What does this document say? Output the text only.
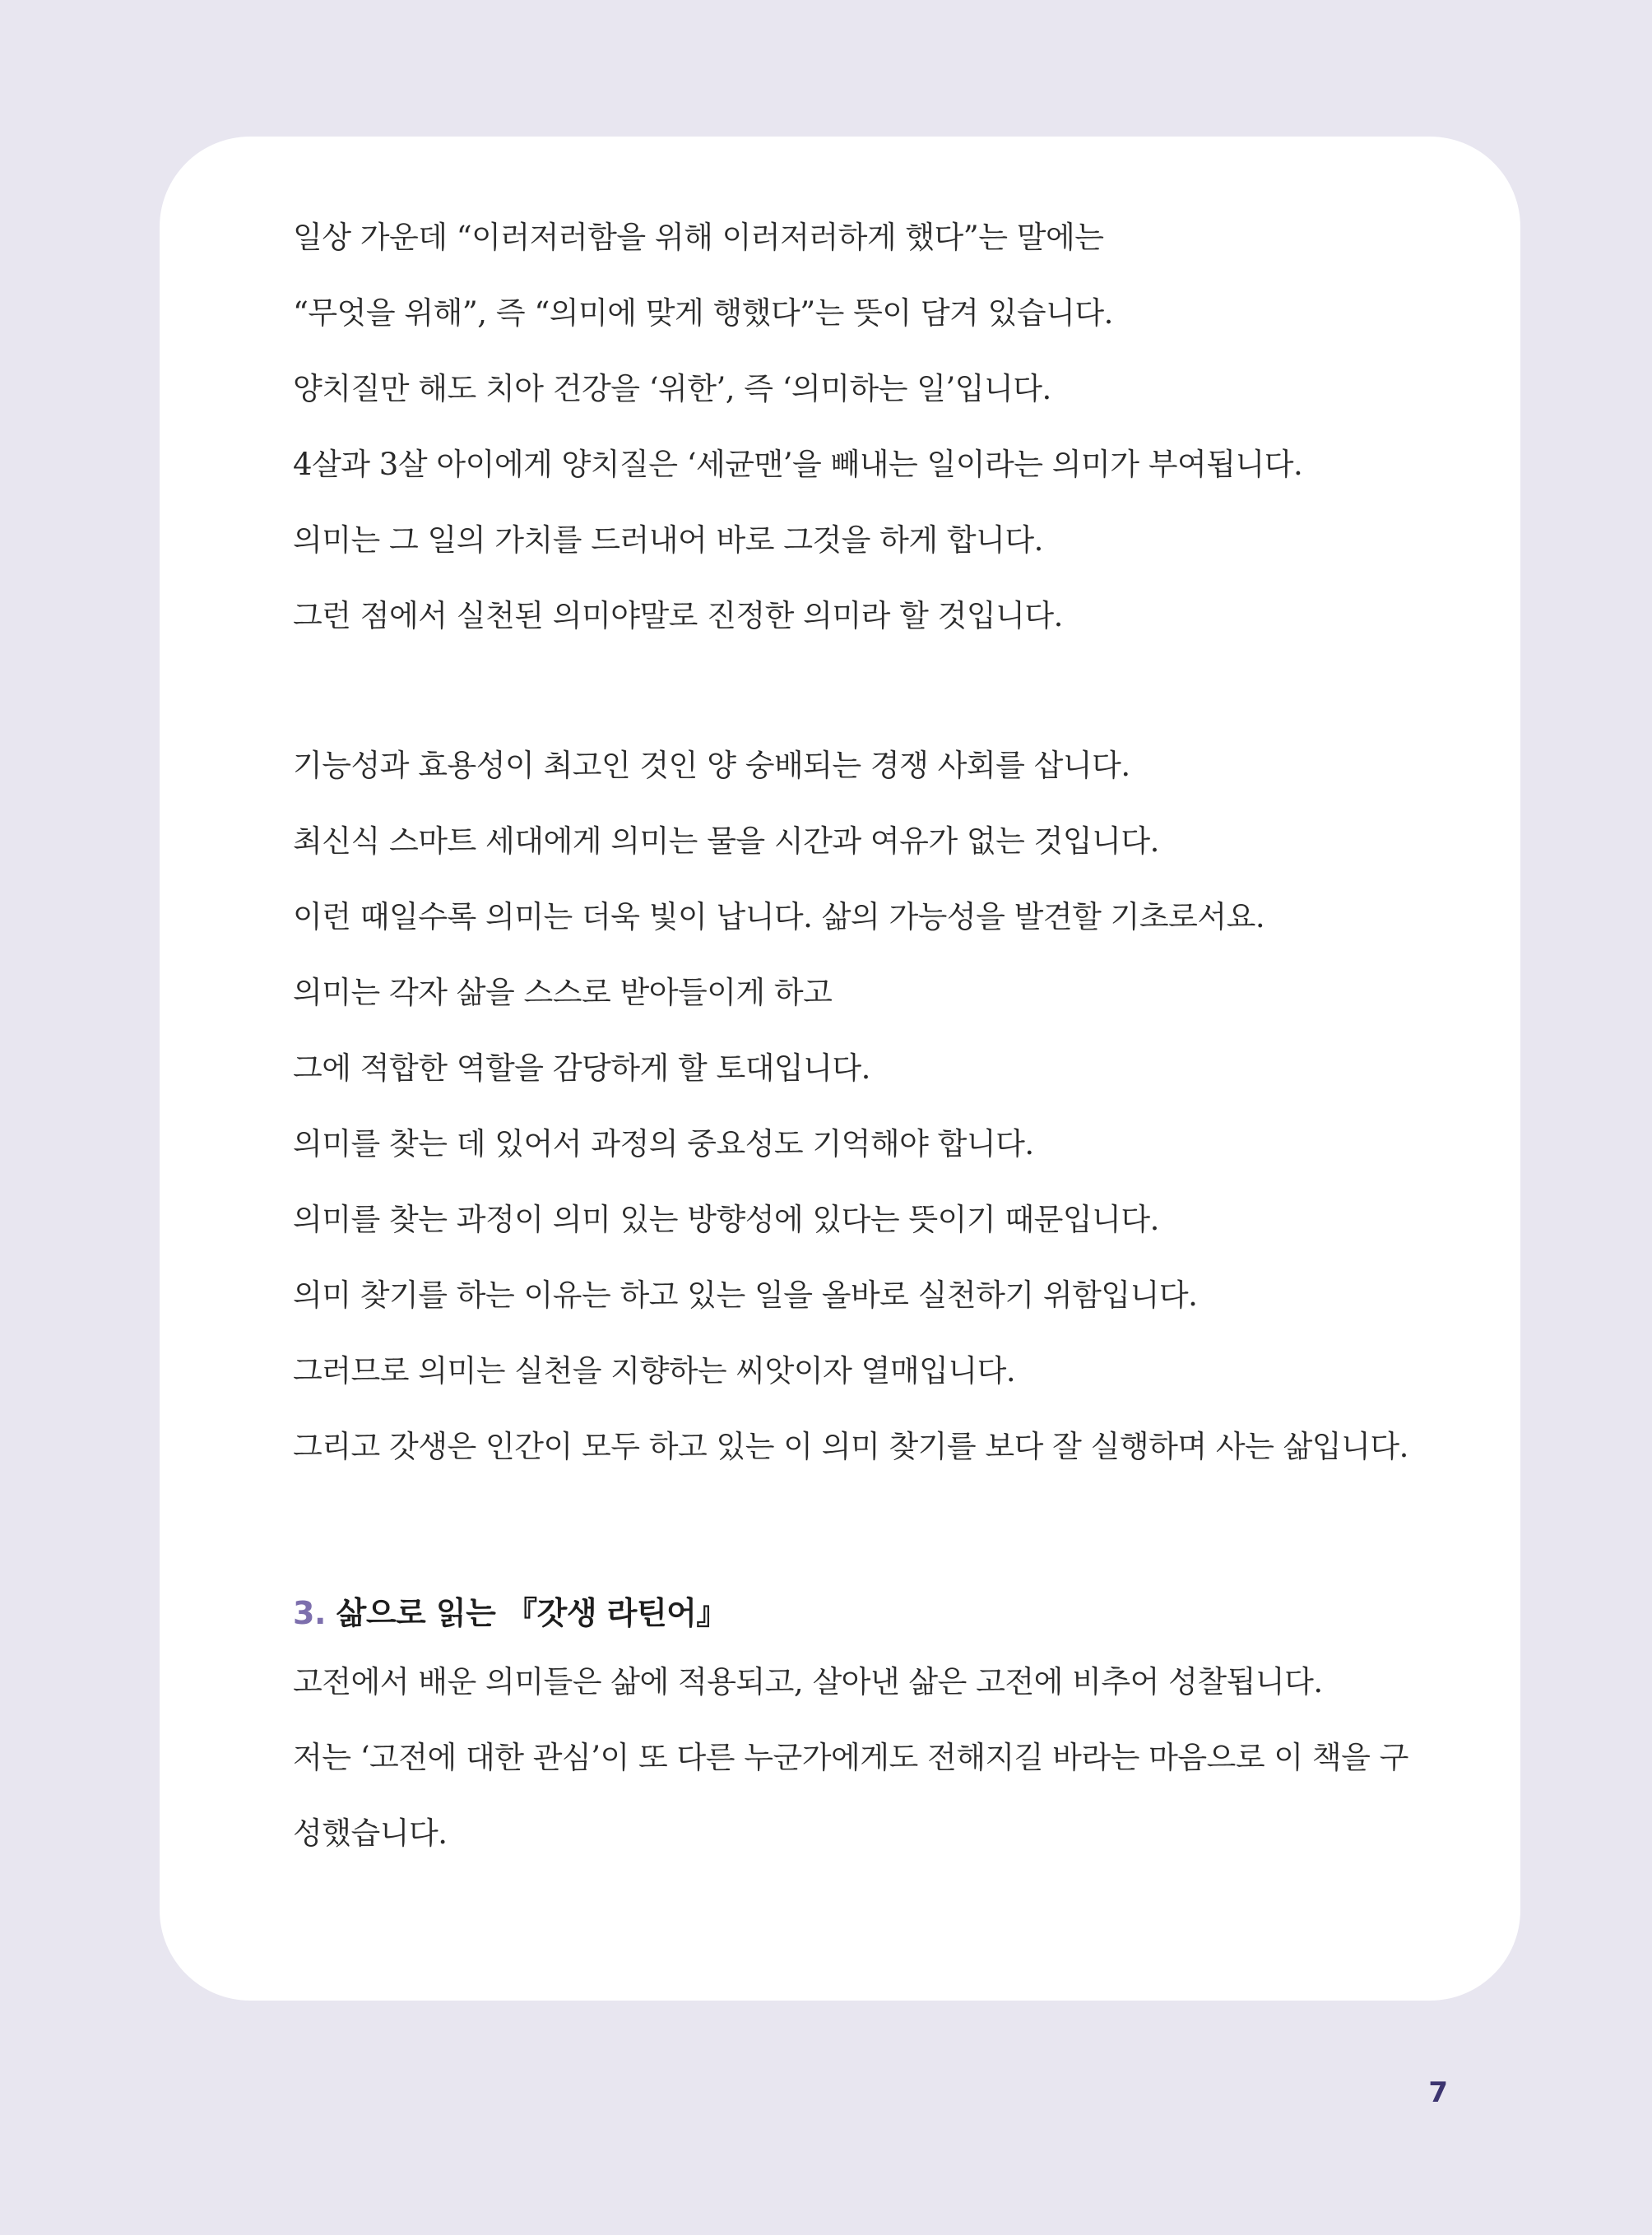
일상 가운데 “이러저러함을 위해 이러저러하게 했다”는 말에는

“무엇을 위해”, 즉 “의미에 맞게 행했다”는 뜻이 담겨 있습니다.

양치질만 해도 치아 건강을 ‘위한’, 즉 ‘의미하는 일’입니다.

4살과 3살 아이에게 양치질은 ‘세균맨’을 빼내는 일이라는 의미가 부여됩니다.

의미는 그 일의 가치를 드러내어 바로 그것을 하게 합니다.

그런 점에서 실천된 의미야말로 진정한 의미라 할 것입니다.

기능성과 효용성이 최고인 것인 양 숭배되는 경쟁 사회를 삽니다.

최신식 스마트 세대에게 의미는 물을 시간과 여유가 없는 것입니다.

이런 때일수록 의미는 더욱 빛이 납니다. 삶의 가능성을 발견할 기초로서요.

의미는 각자 삶을 스스로 받아들이게 하고

그에 적합한 역할을 감당하게 할 토대입니다.

의미를 찾는 데 있어서 과정의 중요성도 기억해야 합니다.

의미를 찾는 과정이 의미 있는 방향성에 있다는 뜻이기 때문입니다.

의미 찾기를 하는 이유는 하고 있는 일을 올바로 실천하기 위함입니다.

그러므로 의미는 실천을 지향하는 씨앗이자 열매입니다.

그리고 갓생은 인간이 모두 하고 있는 이 의미 찾기를 보다 잘 실행하며 사는 삶입니다.

3. 삶으로 읽는 『갓생 라틴어』

고전에서 배운 의미들은 삶에 적용되고, 살아낸 삶은 고전에 비추어 성찰됩니다.

저는 ‘고전에 대한 관심’이 또 다른 누군가에게도 전해지길 바라는 마음으로 이 책을 구

성했습니다.

7
